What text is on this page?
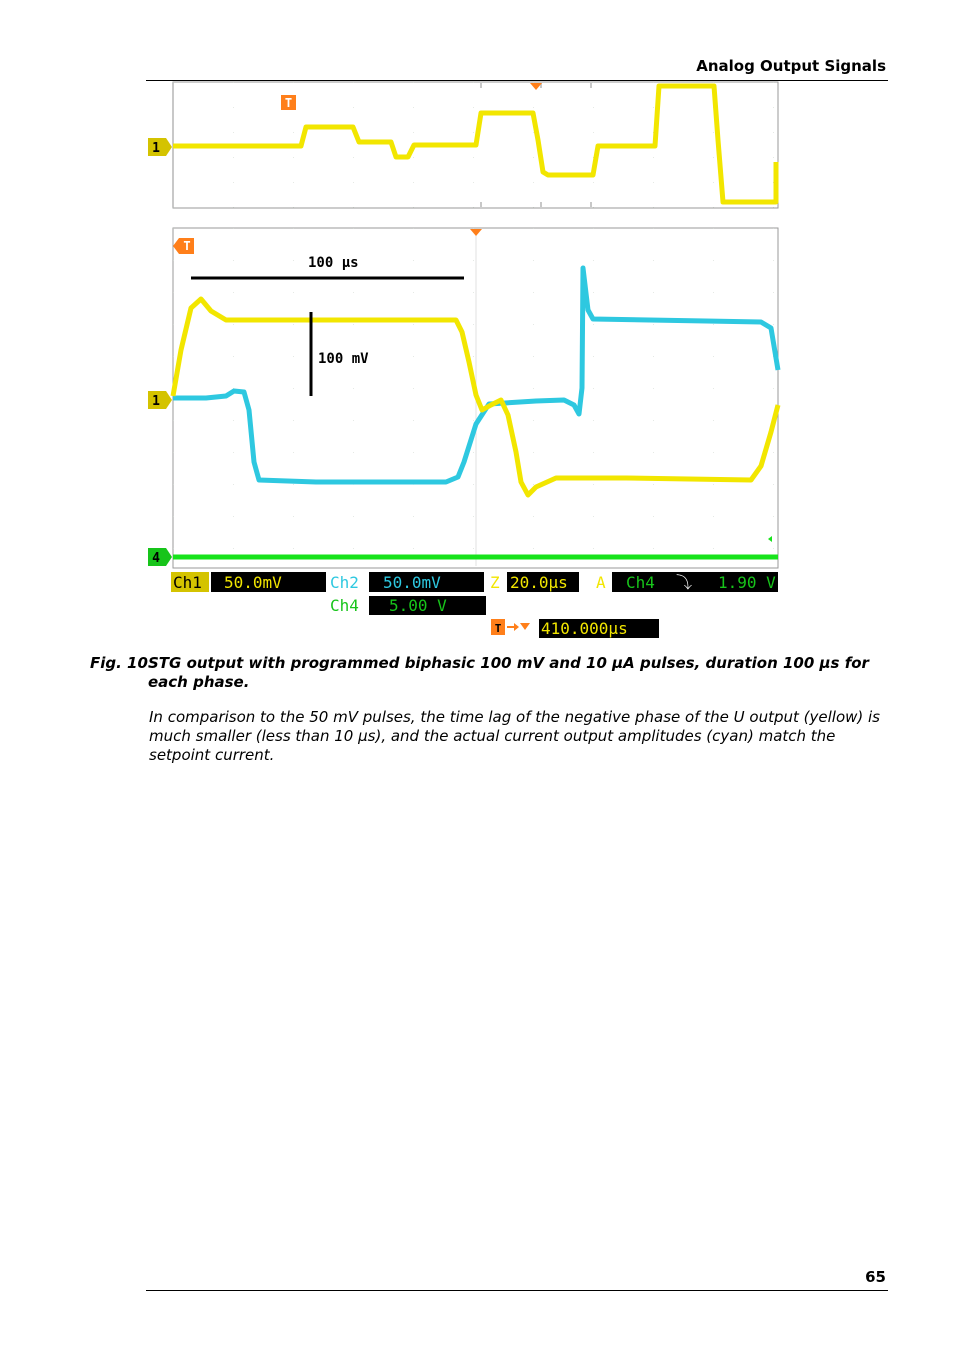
Analog Output Signals
T
1
100 µs
100 mV
T
1
4
Ch1 50.0mV	Ch2 50.0mV	Z 20.0µs A Ch4 ⤵ 1.90 V
Ch4 5.00 V
T 410.000µs
Fig. 10STG output with programmed biphasic 100 mV and 10 µA pulses, duration 100 µs for

each phase.
In comparison to the 50 mV pulses, the time lag of the negative phase of the U output (yellow) is much smaller (less than 10 µs), and the actual current output amplitudes (cyan) match the setpoint current.
65
